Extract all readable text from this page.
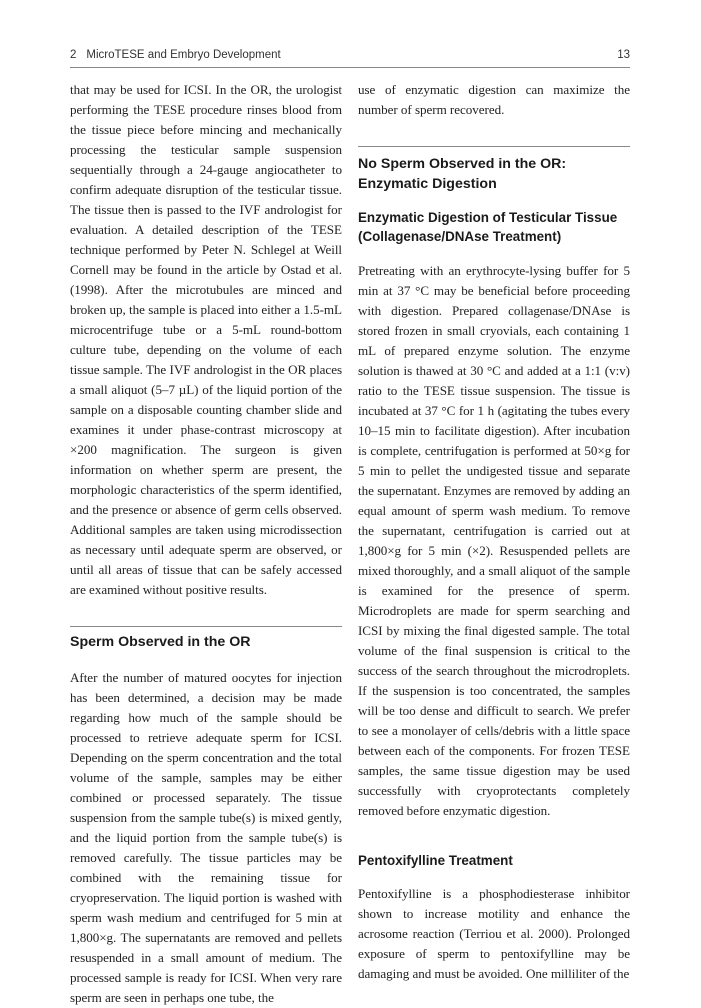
2 MicroTESE and Embryo Development	13

that may be used for ICSI. In the OR, the urologist performing the TESE procedure rinses blood from the tissue piece before mincing and mechanically processing the testicular sample suspension sequentially through a 24-gauge angiocatheter to confirm adequate disruption of the testicular tissue. The tissue then is passed to the IVF andrologist for evaluation. A detailed description of the TESE technique performed by Peter N. Schlegel at Weill Cornell may be found in the article by Ostad et al. (1998). After the microtubules are minced and broken up, the sample is placed into either a 1.5-mL microcentrifuge tube or a 5-mL round-bottom culture tube, depending on the volume of each tissue sample. The IVF andrologist in the OR places a small aliquot (5–7 µL) of the liquid portion of the sample on a disposable counting chamber slide and examines it under phase-contrast microscopy at ×200 magnification. The surgeon is given information on whether sperm are present, the morphologic characteristics of the sperm identified, and the presence or absence of germ cells observed. Additional samples are taken using microdissection as necessary until adequate sperm are observed, or until all areas of tissue that can be safely accessed are examined without positive results.

Sperm Observed in the OR

After the number of matured oocytes for injection has been determined, a decision may be made regarding how much of the sample should be processed to retrieve adequate sperm for ICSI. Depending on the sperm concentration and the total volume of the sample, samples may be either combined or processed separately. The tissue suspension from the sample tube(s) is mixed gently, and the liquid portion from the sample tube(s) is removed carefully. The tissue particles may be combined with the remaining tissue for cryopreservation. The liquid portion is washed with sperm wash medium and centrifuged for 5 min at 1,800×g. The supernatants are removed and pellets resuspended in a small amount of medium. The processed sample is ready for ICSI. When very rare sperm are seen in perhaps one tube, the

use of enzymatic digestion can maximize the number of sperm recovered.

No Sperm Observed in the OR: Enzymatic Digestion
Enzymatic Digestion of Testicular Tissue (Collagenase/DNAse Treatment)

Pretreating with an erythrocyte-lysing buffer for 5 min at 37 °C may be beneficial before proceeding with digestion. Prepared collagenase/DNAse is stored frozen in small cryovials, each containing 1 mL of prepared enzyme solution. The enzyme solution is thawed at 30 °C and added at a 1:1 (v:v) ratio to the TESE tissue suspension. The tissue is incubated at 37 °C for 1 h (agitating the tubes every 10–15 min to facilitate digestion). After incubation is complete, centrifugation is performed at 50×g for 5 min to pellet the undigested tissue and separate the supernatant. Enzymes are removed by adding an equal amount of sperm wash medium. To remove the supernatant, centrifugation is carried out at 1,800×g for 5 min (×2). Resuspended pellets are mixed thoroughly, and a small aliquot of the sample is examined for the presence of sperm. Microdroplets are made for sperm searching and ICSI by mixing the final digested sample. The total volume of the final suspension is critical to the success of the search throughout the microdroplets. If the suspension is too concentrated, the samples will be too dense and difficult to search. We prefer to see a monolayer of cells/debris with a little space between each of the components. For frozen TESE samples, the same tissue digestion may be used successfully with cryoprotectants completely removed before enzymatic digestion.

Pentoxifylline Treatment

Pentoxifylline is a phosphodiesterase inhibitor shown to increase motility and enhance the acrosome reaction (Terriou et al. 2000). Prolonged exposure of sperm to pentoxifylline may be damaging and must be avoided. One milliliter of the
